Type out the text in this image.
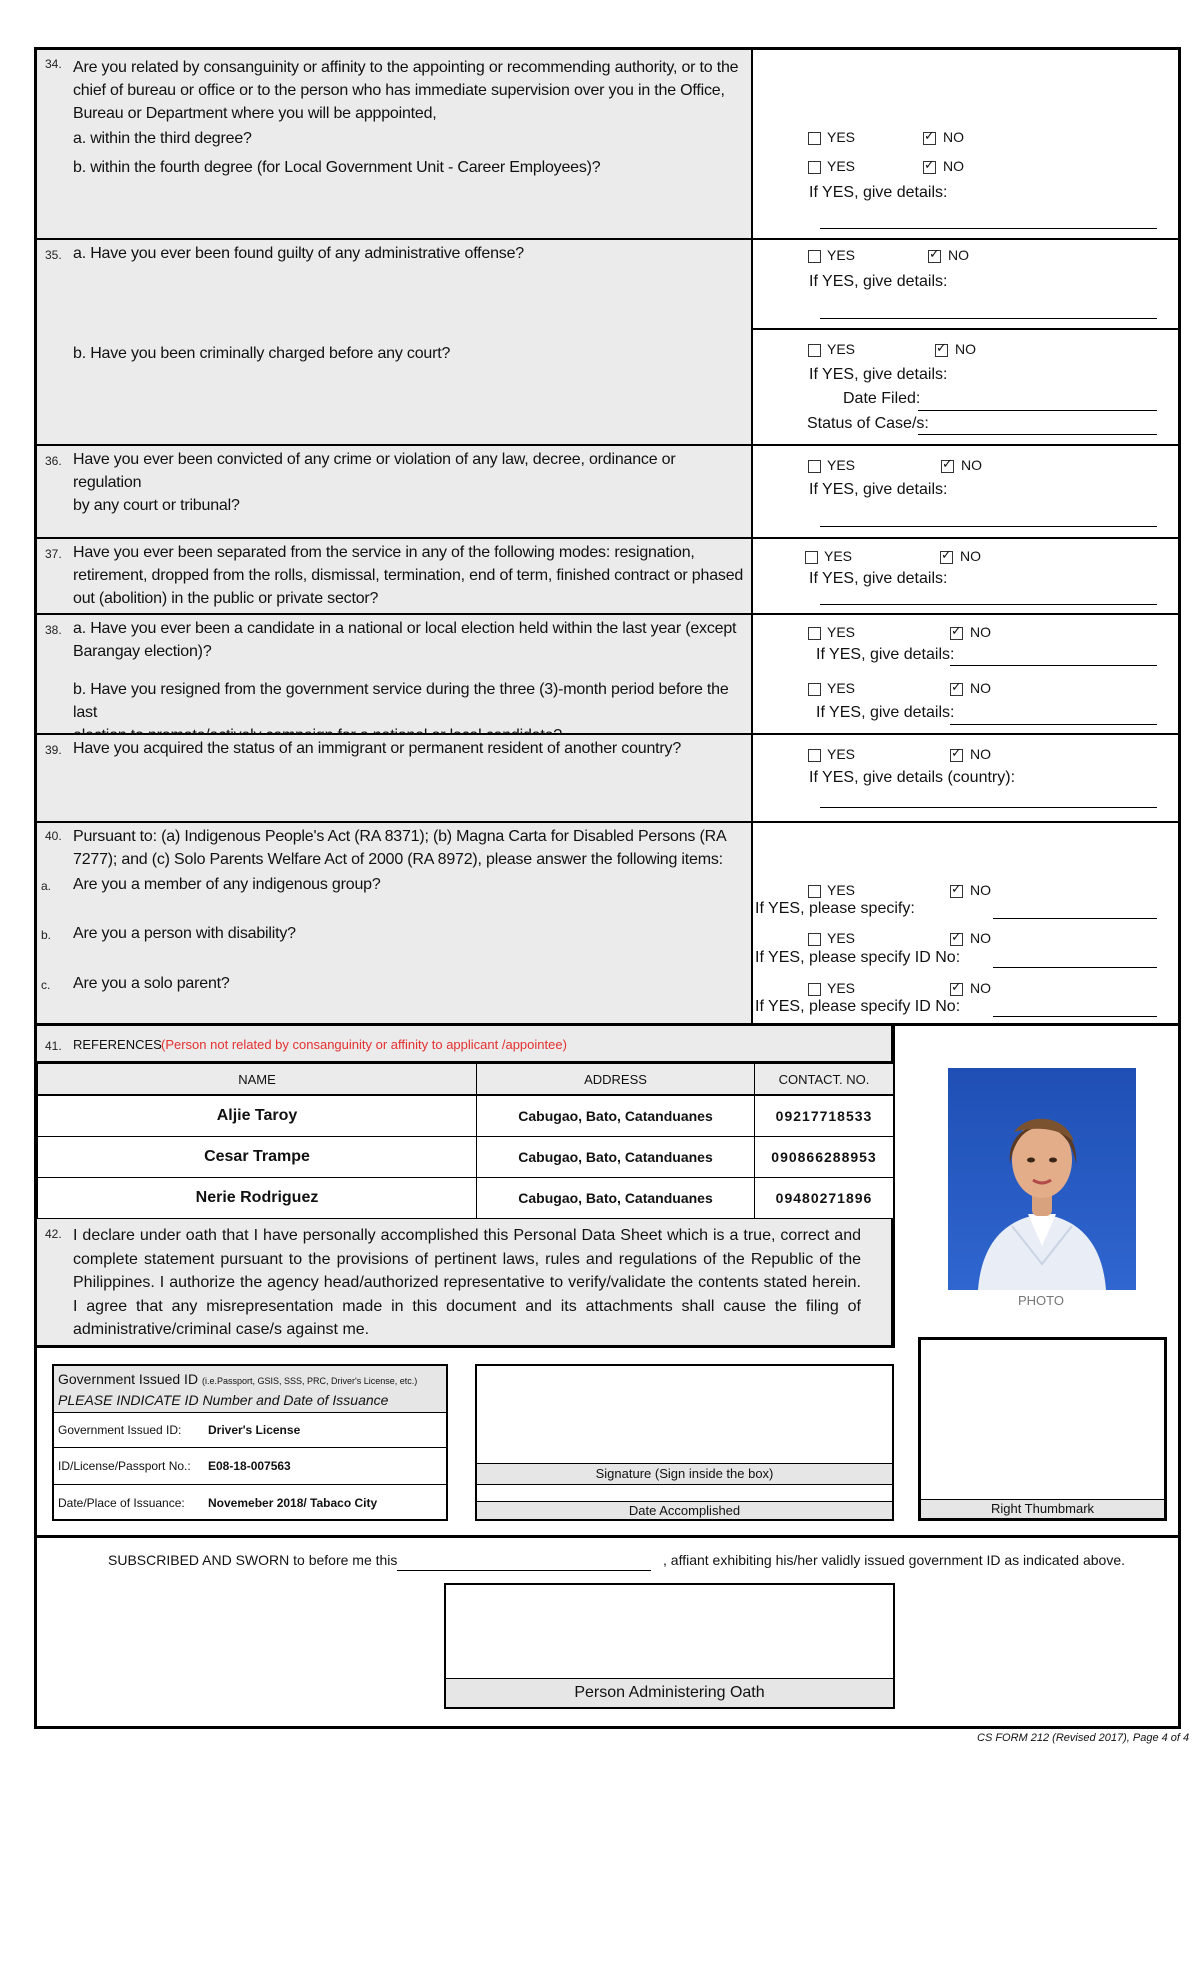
34. Are you related by consanguinity or affinity to the appointing or recommending authority, or to the
chief of bureau or office or to the person who has immediate supervision over you in the Office,
Bureau or Department where you will be apppointed,
a. within the third degree?
b. within the fourth degree (for Local Government Unit - Career Employees)?
YES ✓	NO
YES ✓	NO
If YES, give details:
35. a. Have you ever been found guilty of any administrative offense?
b. Have you been criminally charged before any court?
YES ✓	NO
If YES, give details:
YES ✓	NO
If YES, give details:
Date Filed:
Status of Case/s:
36. Have you ever been convicted of any crime or violation of any law, decree, ordinance or regulation
by any court or tribunal?
YES ✓	NO
If YES, give details:
37. Have you ever been separated from the service in any of the following modes: resignation,
retirement, dropped from the rolls, dismissal, termination, end of term, finished contract or phased
out (abolition) in the public or private sector?
YES ✓	NO
If YES, give details:
38. a. Have you ever been a candidate in a national or local election held within the last year (except
Barangay election)?
b. Have you resigned from the government service during the three (3)-month period before the last
YES ✓	NO
If YES, give details:
YES ✓	NO
If YES, give details:
39. Have you acquired the status of an immigrant or permanent resident of another country?	YES ✓	NO
If YES, give details (country):
40. Pursuant to: (a) Indigenous People's Act (RA 8371); (b) Magna Carta for Disabled Persons (RA
7277); and (c) Solo Parents Welfare Act of 2000 (RA 8972), please answer the following items:
a. Are you a member of any indigenous group?
b. Are you a person with disability?
c. Are you a solo parent?
YES ✓	NO
If YES, please specify:
YES ✓	NO
If YES, please specify ID No:
YES ✓	NO
If YES, please specify ID No:
41. REFERENCES (Person not related by consanguinity or affinity to applicant /appointee)
NAME	ADDRESS	CONTACT. NO.
Aljie Taroy	Cabugao, Bato, Catanduanes	09217718533
Cesar Trampe	Cabugao, Bato, Catanduanes	090866288953
Nerie Rodriguez	Cabugao, Bato, Catanduanes	09480271896
42. I declare under oath that I have personally accomplished this Personal Data Sheet which is a true, correct and complete statement pursuant to the provisions of pertinent laws, rules and regulations of the Republic of the Philippines. I authorize the agency head/authorized representative to verify/validate the contents stated herein. I agree that any misrepresentation made in this document and its attachments shall cause the filing of administrative/criminal case/s against me.
PHOTO
Government Issued ID (i.e.Passport, GSIS, SSS, PRC, Driver's License, etc.)
PLEASE INDICATE ID Number and Date of Issuance
Government Issued ID: Driver's License
ID/License/Passport No.: E08-18-007563
Date/Place of Issuance: Novemeber 2018/ Tabaco City
Signature (Sign inside the box)
Date Accomplished	Right Thumbmark
SUBSCRIBED AND SWORN to before me this	, affiant exhibiting his/her validly issued government ID as indicated above.
Person Administering Oath
CS FORM 212 (Revised 2017), Page 4 of 4
